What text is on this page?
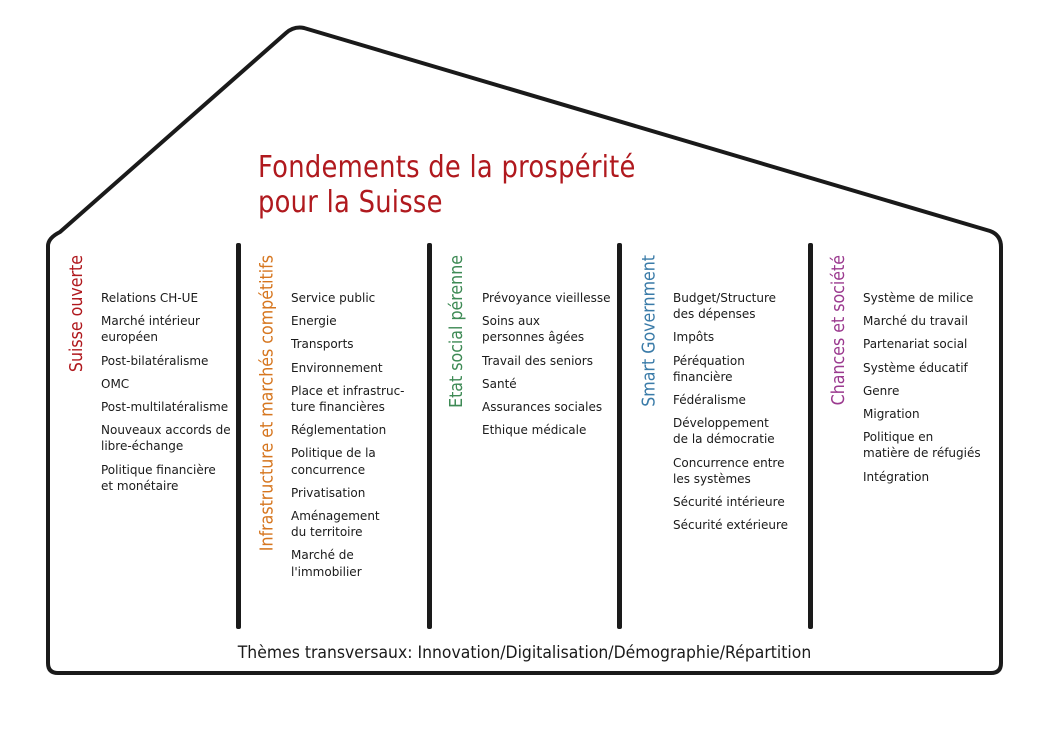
Fondements de la prospérité
pour la Suisse
Suisse ouverte Relations CH-UE
Marché intérieur
européen
Post-bilatéralisme
OMC
Post-multilatéralisme
Nouveaux accords de
libre-échange
Politique financière
et monétaire	Infrastructure et marchés compétitifs Service public
Energie
Transports
Environnement
Place et infrastruc-
ture financières
Réglementation
Politique de la
concurrence
Privatisation
Aménagement
du territoire
Marché de
l'immobilier
Etat social pérenne Prévoyance vieillesse
Soins aux
personnes âgées
Travail des seniors
Santé
Assurances sociales
Ethique médicale
Smart Government Budget/Structure
des dépenses
Impôts
Péréquation
financière
Fédéralisme
Développement
de la démocratie
Concurrence entre
les systèmes
Sécurité intérieure
Sécurité extérieure
Chances et société Système de milice
Marché du travail
Partenariat social
Système éducatif
Genre
Migration
Politique en
matière de réfugiés
Intégration
Thèmes transversaux: Innovation/Digitalisation/Démographie/Répartition
